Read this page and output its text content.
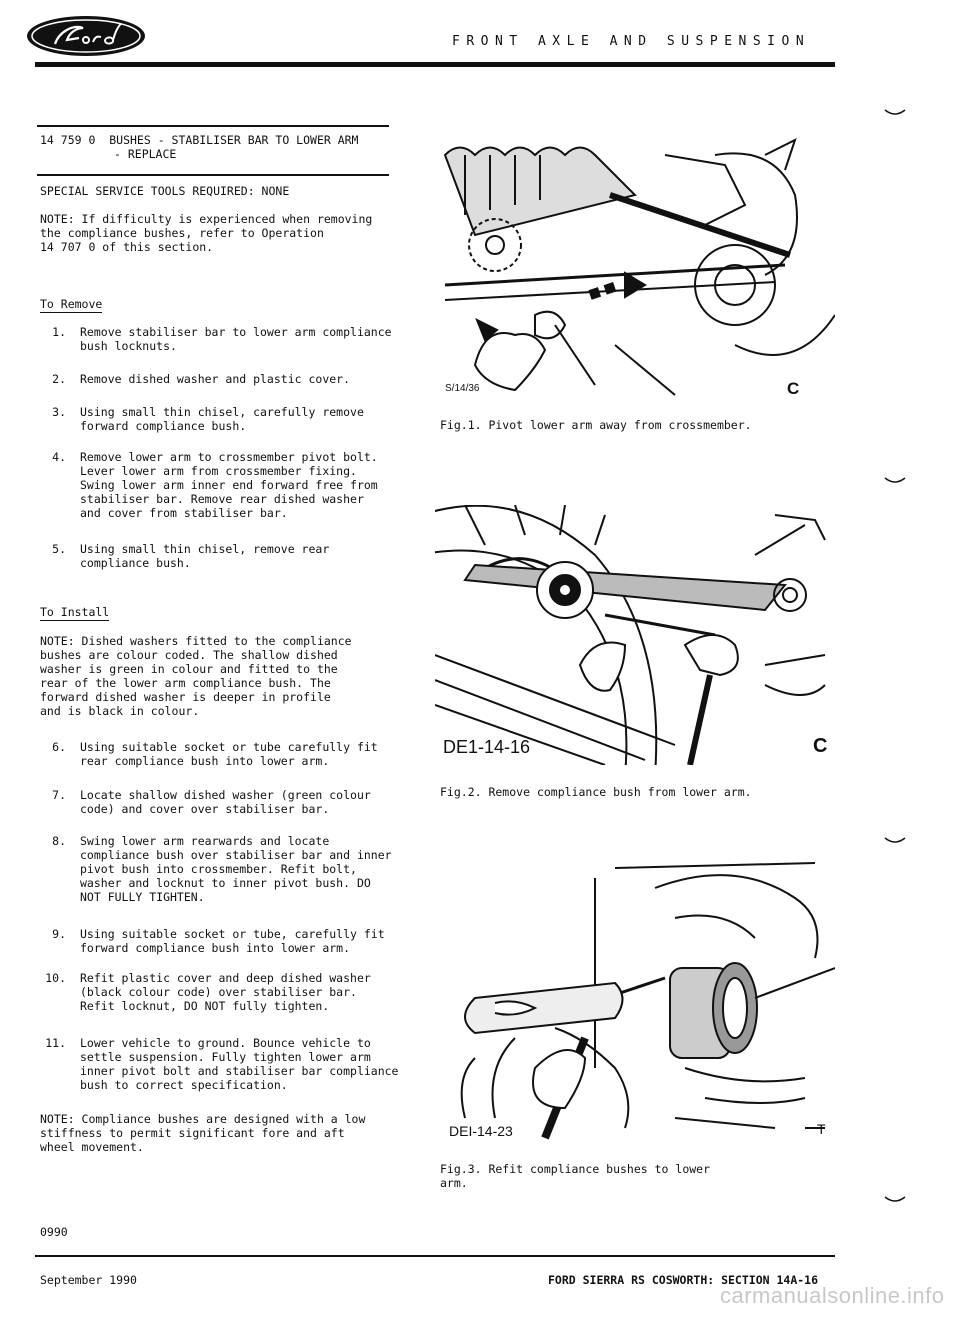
FRONT AXLE AND SUSPENSION
14 759 0  BUSHES - STABILISER BAR TO LOWER ARM
- REPLACE
SPECIAL SERVICE TOOLS REQUIRED: NONE
NOTE: If difficulty is experienced when removing
the compliance bushes, refer to Operation
14 707 0 of this section.
To Remove
1. Remove stabiliser bar to lower arm compliance
bush locknuts.
2. Remove dished washer and plastic cover.
3. Using small thin chisel, carefully remove
forward compliance bush.
4. Remove lower arm to crossmember pivot bolt.
Lever lower arm from crossmember fixing.
Swing lower arm inner end forward free from
stabiliser bar. Remove rear dished washer
and cover from stabiliser bar.
5. Using small thin chisel, remove rear
compliance bush.
To Install
NOTE: Dished washers fitted to the compliance
bushes are colour coded. The shallow dished
washer is green in colour and fitted to the
rear of the lower arm compliance bush. The
forward dished washer is deeper in profile
and is black in colour.
6. Using suitable socket or tube carefully fit
rear compliance bush into lower arm.
7. Locate shallow dished washer (green colour
code) and cover over stabiliser bar.
8. Swing lower arm rearwards and locate
compliance bush over stabiliser bar and inner
pivot bush into crossmember. Refit bolt,
washer and locknut to inner pivot bush. DO
NOT FULLY TIGHTEN.
9. Using suitable socket or tube, carefully fit
forward compliance bush into lower arm.
10. Refit plastic cover and deep dished washer
(black colour code) over stabiliser bar.
Refit locknut, DO NOT fully tighten.
11. Lower vehicle to ground. Bounce vehicle to
settle suspension. Fully tighten lower arm
inner pivot bolt and stabiliser bar compliance
bush to correct specification.
NOTE: Compliance bushes are designed with a low
stiffness to permit significant fore and aft
wheel movement.
S/14/36	C
Fig.1. Pivot lower arm away from crossmember.
DE1-14-16	C
Fig.2. Remove compliance bush from lower arm.
DEI-14-23	T
Fig.3. Refit compliance bushes to lower
arm.
0990
September 1990	FORD SIERRA RS COSWORTH: SECTION 14A-16
carmanualsonline.info
